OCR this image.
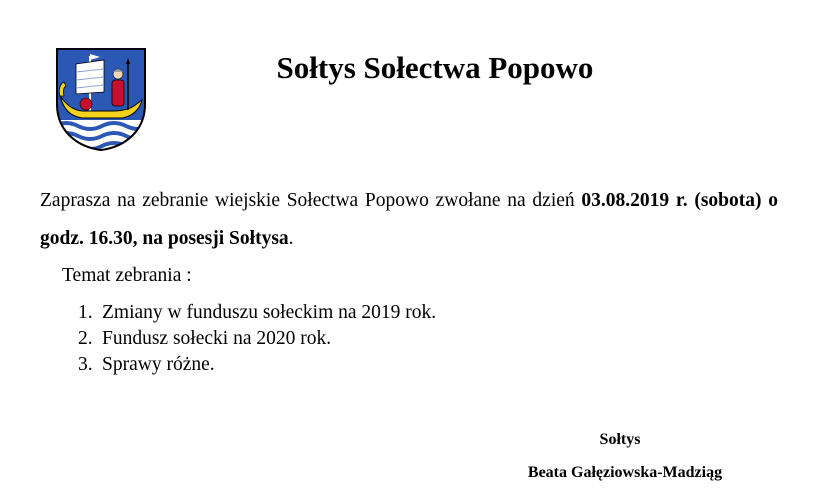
Sołtys Sołectwa Popowo

Zaprasza na zebranie wiejskie Sołectwa Popowo zwołane na dzień 03.08.2019 r. (sobota) o godz. 16.30, na posesji Sołtysa.

Temat zebrania :
1. Zmiany w funduszu sołeckim na 2019 rok.
2. Fundusz sołecki na 2020 rok.
3. Sprawy różne.
Sołtys
Beata Gałęziowska-Madziąg
